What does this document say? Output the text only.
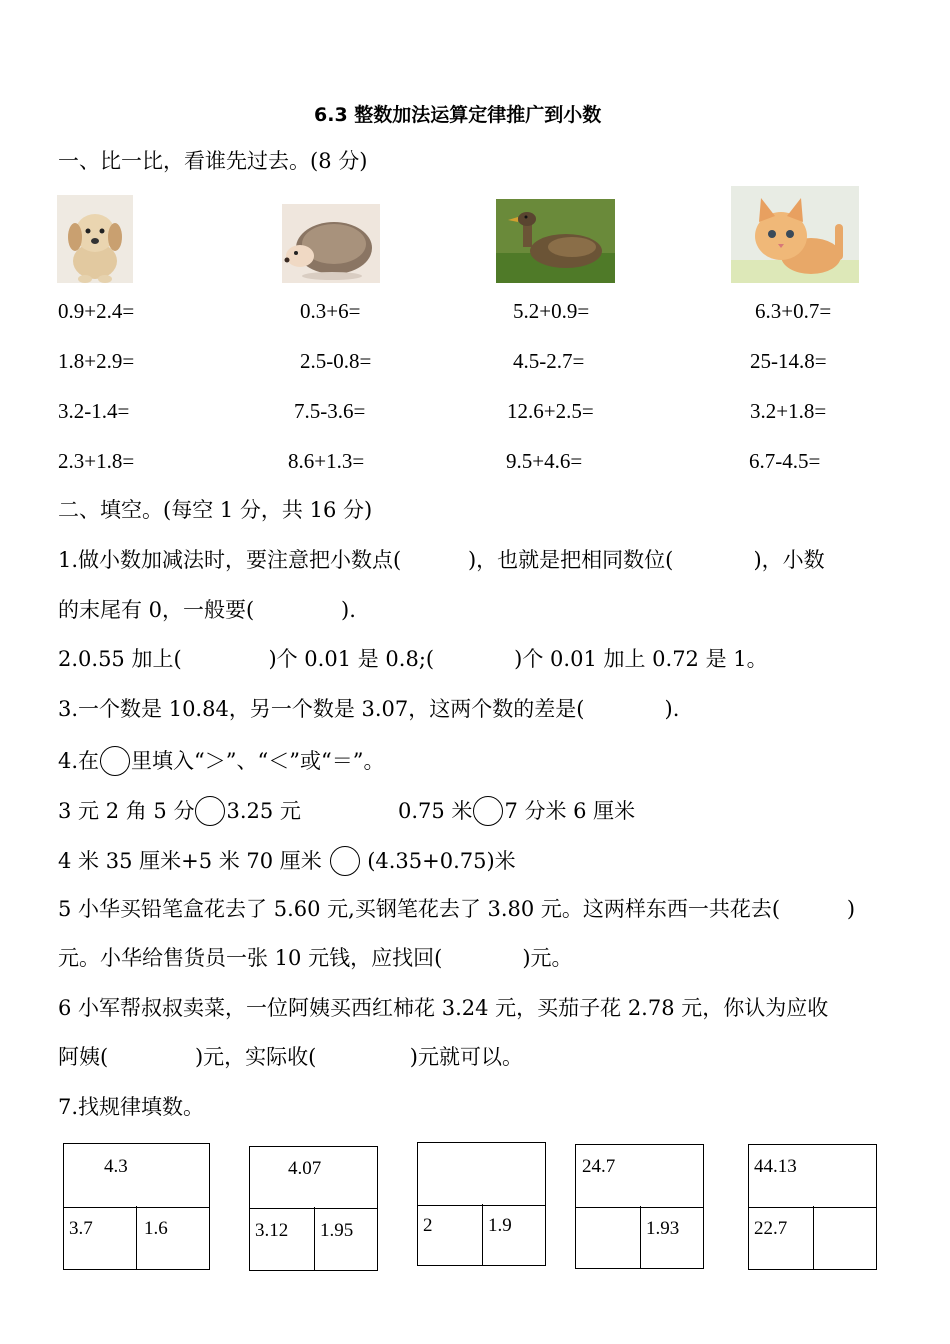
6.3 整数加法运算定律推广到小数
一、比一比，看谁先过去。(8 分)
0.9+2.4=
1.8+2.9=
3.2-1.4=
2.3+1.8=
0.3+6=
2.5-0.8=
7.5-3.6=
8.6+1.3=
5.2+0.9=
4.5-2.7=
12.6+2.5=
9.5+4.6=
6.3+0.7=
25-14.8=
3.2+1.8=
6.7-4.5=
二、填空。(每空 1 分，共 16 分)
1.做小数加减法时，要注意把小数点(          )，也就是把相同数位(            )，小数
的末尾有 0，一般要(             ).
2.0.55 加上(             )个 0.01 是 0.8;(            )个 0.01 加上 0.72 是 1。
3.一个数是 10.84，另一个数是 3.07，这两个数的差是(            ).
4.在 里填入“＞”、“＜”或“＝”。
3 元 2 角 5 分 3.25 元	0.75 米 7 分米 6 厘米
4 米 35 厘米+5 米 70 厘米 (4.35+0.75)米
5 小华买铅笔盒花去了 5.60 元,买钢笔花去了 3.80 元。这两样东西一共花去(          )
元。小华给售货员一张 10 元钱，应找回(            )元。
6 小军帮叔叔卖菜，一位阿姨买西红柿花 3.24 元，买茄子花 2.78 元，你认为应收
阿姨(             )元，实际收(              )元就可以。
7.找规律填数。
4.3
3.7	1.6
4.07
3.12 1.95	2	1.9
24.7
1.93
44.13
22.7
